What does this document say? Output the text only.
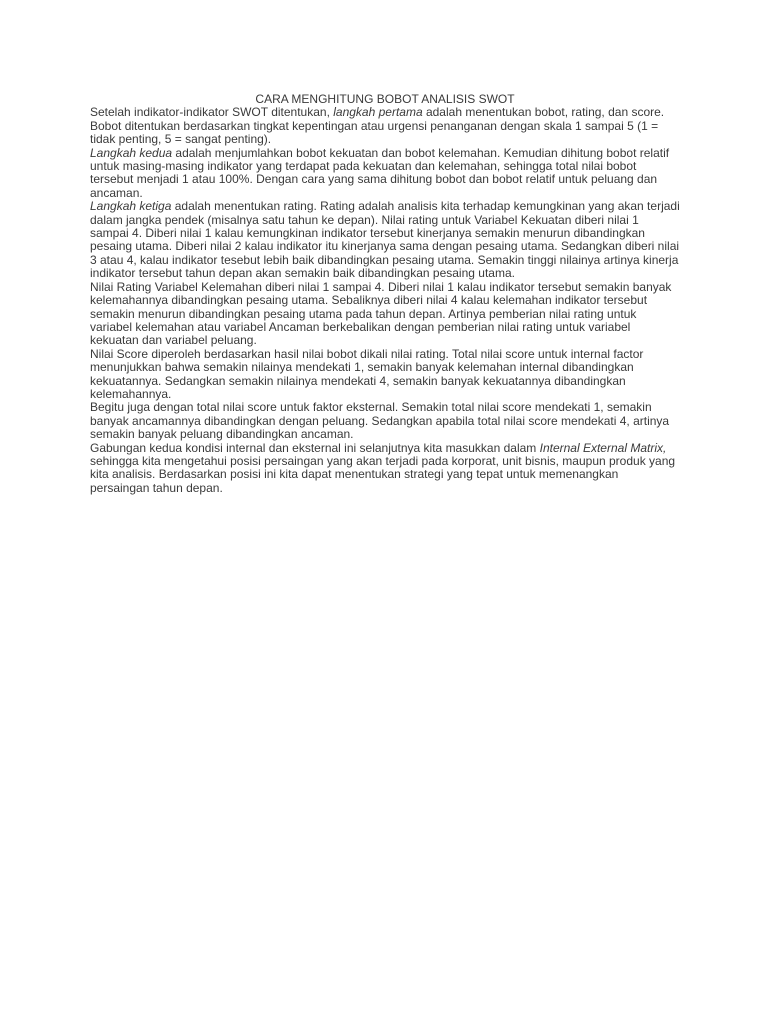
CARA MENGHITUNG BOBOT ANALISIS SWOT

Setelah indikator-indikator SWOT ditentukan, langkah pertama adalah menentukan bobot, rating, dan score. Bobot ditentukan berdasarkan tingkat kepentingan atau urgensi penanganan dengan skala 1 sampai 5 (1 = tidak penting, 5 = sangat penting).

Langkah kedua adalah menjumlahkan bobot kekuatan dan bobot kelemahan. Kemudian dihitung bobot relatif untuk masing-masing indikator yang terdapat pada kekuatan dan kelemahan, sehingga total nilai bobot tersebut menjadi 1 atau 100%. Dengan cara yang sama dihitung bobot dan bobot relatif untuk peluang dan ancaman.

Langkah ketiga adalah menentukan rating. Rating adalah analisis kita terhadap kemungkinan yang akan terjadi dalam jangka pendek (misalnya satu tahun ke depan). Nilai rating untuk Variabel Kekuatan diberi nilai 1 sampai 4. Diberi nilai 1 kalau kemungkinan indikator tersebut kinerjanya semakin menurun dibandingkan pesaing utama. Diberi nilai 2 kalau indikator itu kinerjanya sama dengan pesaing utama. Sedangkan diberi nilai 3 atau 4, kalau indikator tesebut lebih baik dibandingkan pesaing utama. Semakin tinggi nilainya artinya kinerja indikator tersebut tahun depan akan semakin baik dibandingkan pesaing utama.

Nilai Rating Variabel Kelemahan diberi nilai 1 sampai 4. Diberi nilai 1 kalau indikator tersebut semakin banyak kelemahannya dibandingkan pesaing utama. Sebaliknya diberi nilai 4 kalau kelemahan indikator tersebut semakin menurun dibandingkan pesaing utama pada tahun depan. Artinya pemberian nilai rating untuk variabel kelemahan atau variabel Ancaman berkebalikan dengan pemberian nilai rating untuk variabel kekuatan dan variabel peluang.

Nilai Score diperoleh berdasarkan hasil nilai bobot dikali nilai rating. Total nilai score untuk internal factor menunjukkan bahwa semakin nilainya mendekati 1, semakin banyak kelemahan internal dibandingkan kekuatannya. Sedangkan semakin nilainya mendekati 4, semakin banyak kekuatannya dibandingkan kelemahannya.

Begitu juga dengan total nilai score untuk faktor eksternal. Semakin total nilai score mendekati 1, semakin banyak ancamannya dibandingkan dengan peluang. Sedangkan apabila total nilai score mendekati 4, artinya semakin banyak peluang dibandingkan ancaman.

Gabungan kedua kondisi internal dan eksternal ini selanjutnya kita masukkan dalam Internal External Matrix, sehingga kita mengetahui posisi persaingan yang akan terjadi pada korporat, unit bisnis, maupun produk yang kita analisis. Berdasarkan posisi ini kita dapat menentukan strategi yang tepat untuk memenangkan persaingan tahun depan.
